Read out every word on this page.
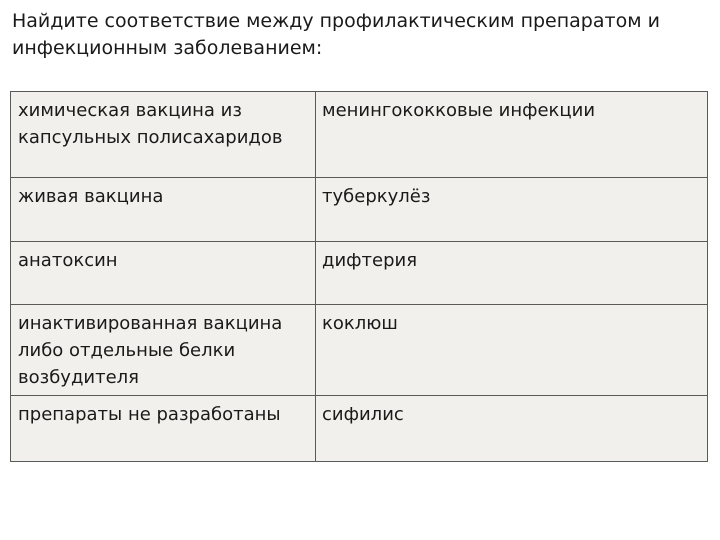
Найдите соответствие между профилактическим препаратом и
инфекционным заболеванием:
химическая вакцина из капсульных полисахаридов	менингококковые инфекции
живая вакцина	туберкулёз
анатоксин	дифтерия
инактивированная вакцина либо отдельные белки возбудителя	коклюш
препараты не разработаны	сифилис
